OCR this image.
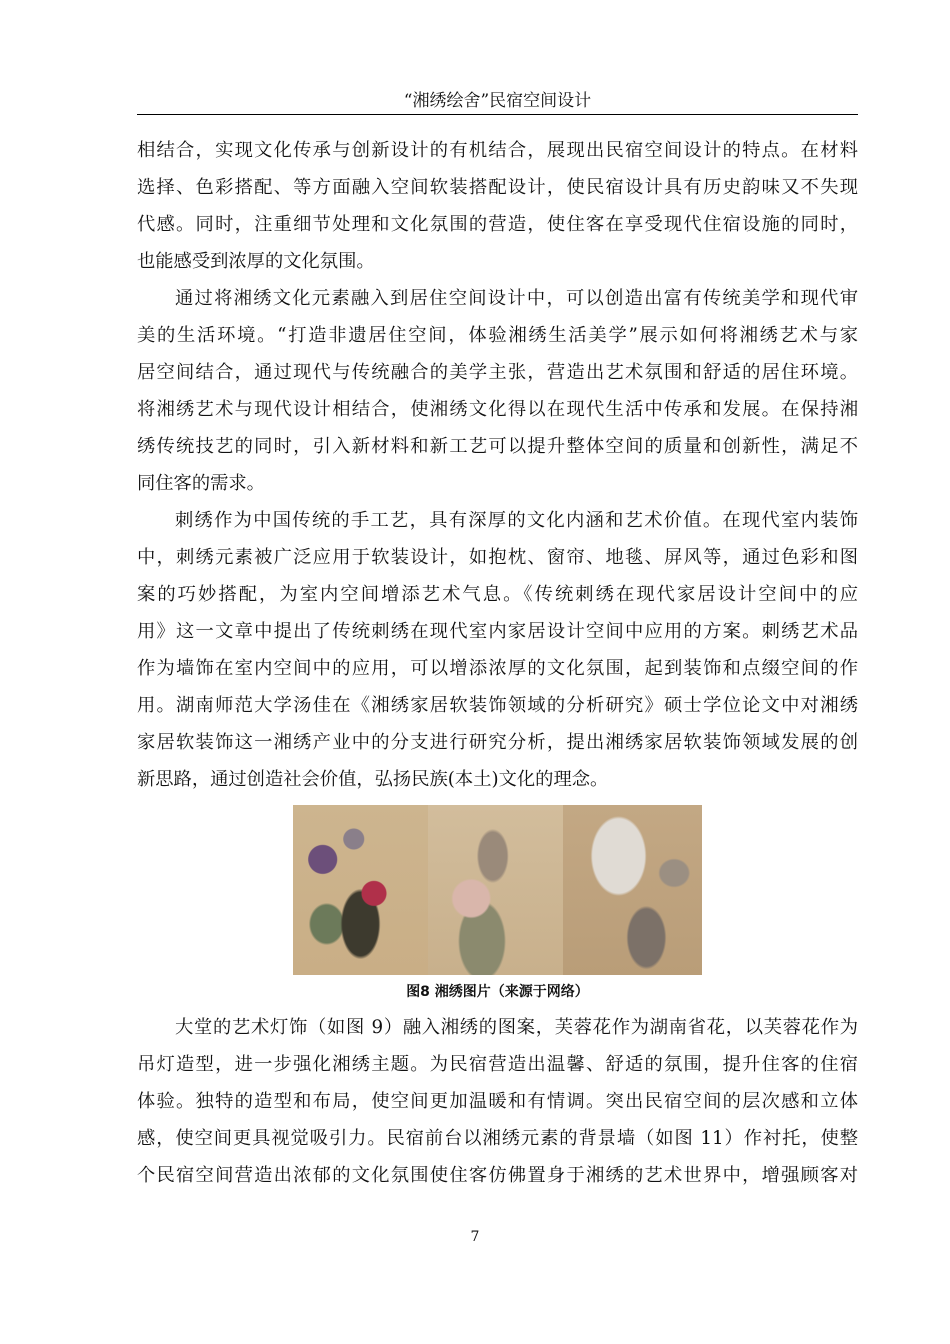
“湘绣绘舍”民宿空间设计
相结合，实现文化传承与创新设计的有机结合，展现出民宿空间设计的特点。在材料
选择、色彩搭配、等方面融入空间软装搭配设计，使民宿设计具有历史韵味又不失现
代感。同时，注重细节处理和文化氛围的营造，使住客在享受现代住宿设施的同时，
也能感受到浓厚的文化氛围。
通过将湘绣文化元素融入到居住空间设计中，可以创造出富有传统美学和现代审
美的生活环境。“打造非遗居住空间，体验湘绣生活美学”展示如何将湘绣艺术与家
居空间结合，通过现代与传统融合的美学主张，营造出艺术氛围和舒适的居住环境。
将湘绣艺术与现代设计相结合，使湘绣文化得以在现代生活中传承和发展。在保持湘
绣传统技艺的同时，引入新材料和新工艺可以提升整体空间的质量和创新性，满足不
同住客的需求。
刺绣作为中国传统的手工艺，具有深厚的文化内涵和艺术价值。在现代室内装饰
中，刺绣元素被广泛应用于软装设计，如抱枕、窗帘、地毯、屏风等，通过色彩和图
案的巧妙搭配，为室内空间增添艺术气息。《传统刺绣在现代家居设计空间中的应
用》这一文章中提出了传统刺绣在现代室内家居设计空间中应用的方案。刺绣艺术品
作为墙饰在室内空间中的应用，可以增添浓厚的文化氛围，起到装饰和点缀空间的作
用。湖南师范大学汤佳在《湘绣家居软装饰领域的分析研究》硕士学位论文中对湘绣
家居软装饰这一湘绣产业中的分支进行研究分析，提出湘绣家居软装饰领域发展的创
新思路，通过创造社会价值，弘扬民族(本土)文化的理念。
图8 湘绣图片（来源于网络）
大堂的艺术灯饰（如图 9）融入湘绣的图案，芙蓉花作为湖南省花，以芙蓉花作为
吊灯造型，进一步强化湘绣主题。为民宿营造出温馨、舒适的氛围，提升住客的住宿
体验。独特的造型和布局，使空间更加温暖和有情调。突出民宿空间的层次感和立体
感，使空间更具视觉吸引力。民宿前台以湘绣元素的背景墙（如图 11）作衬托，使整
个民宿空间营造出浓郁的文化氛围使住客仿佛置身于湘绣的艺术世界中，增强顾客对
7
